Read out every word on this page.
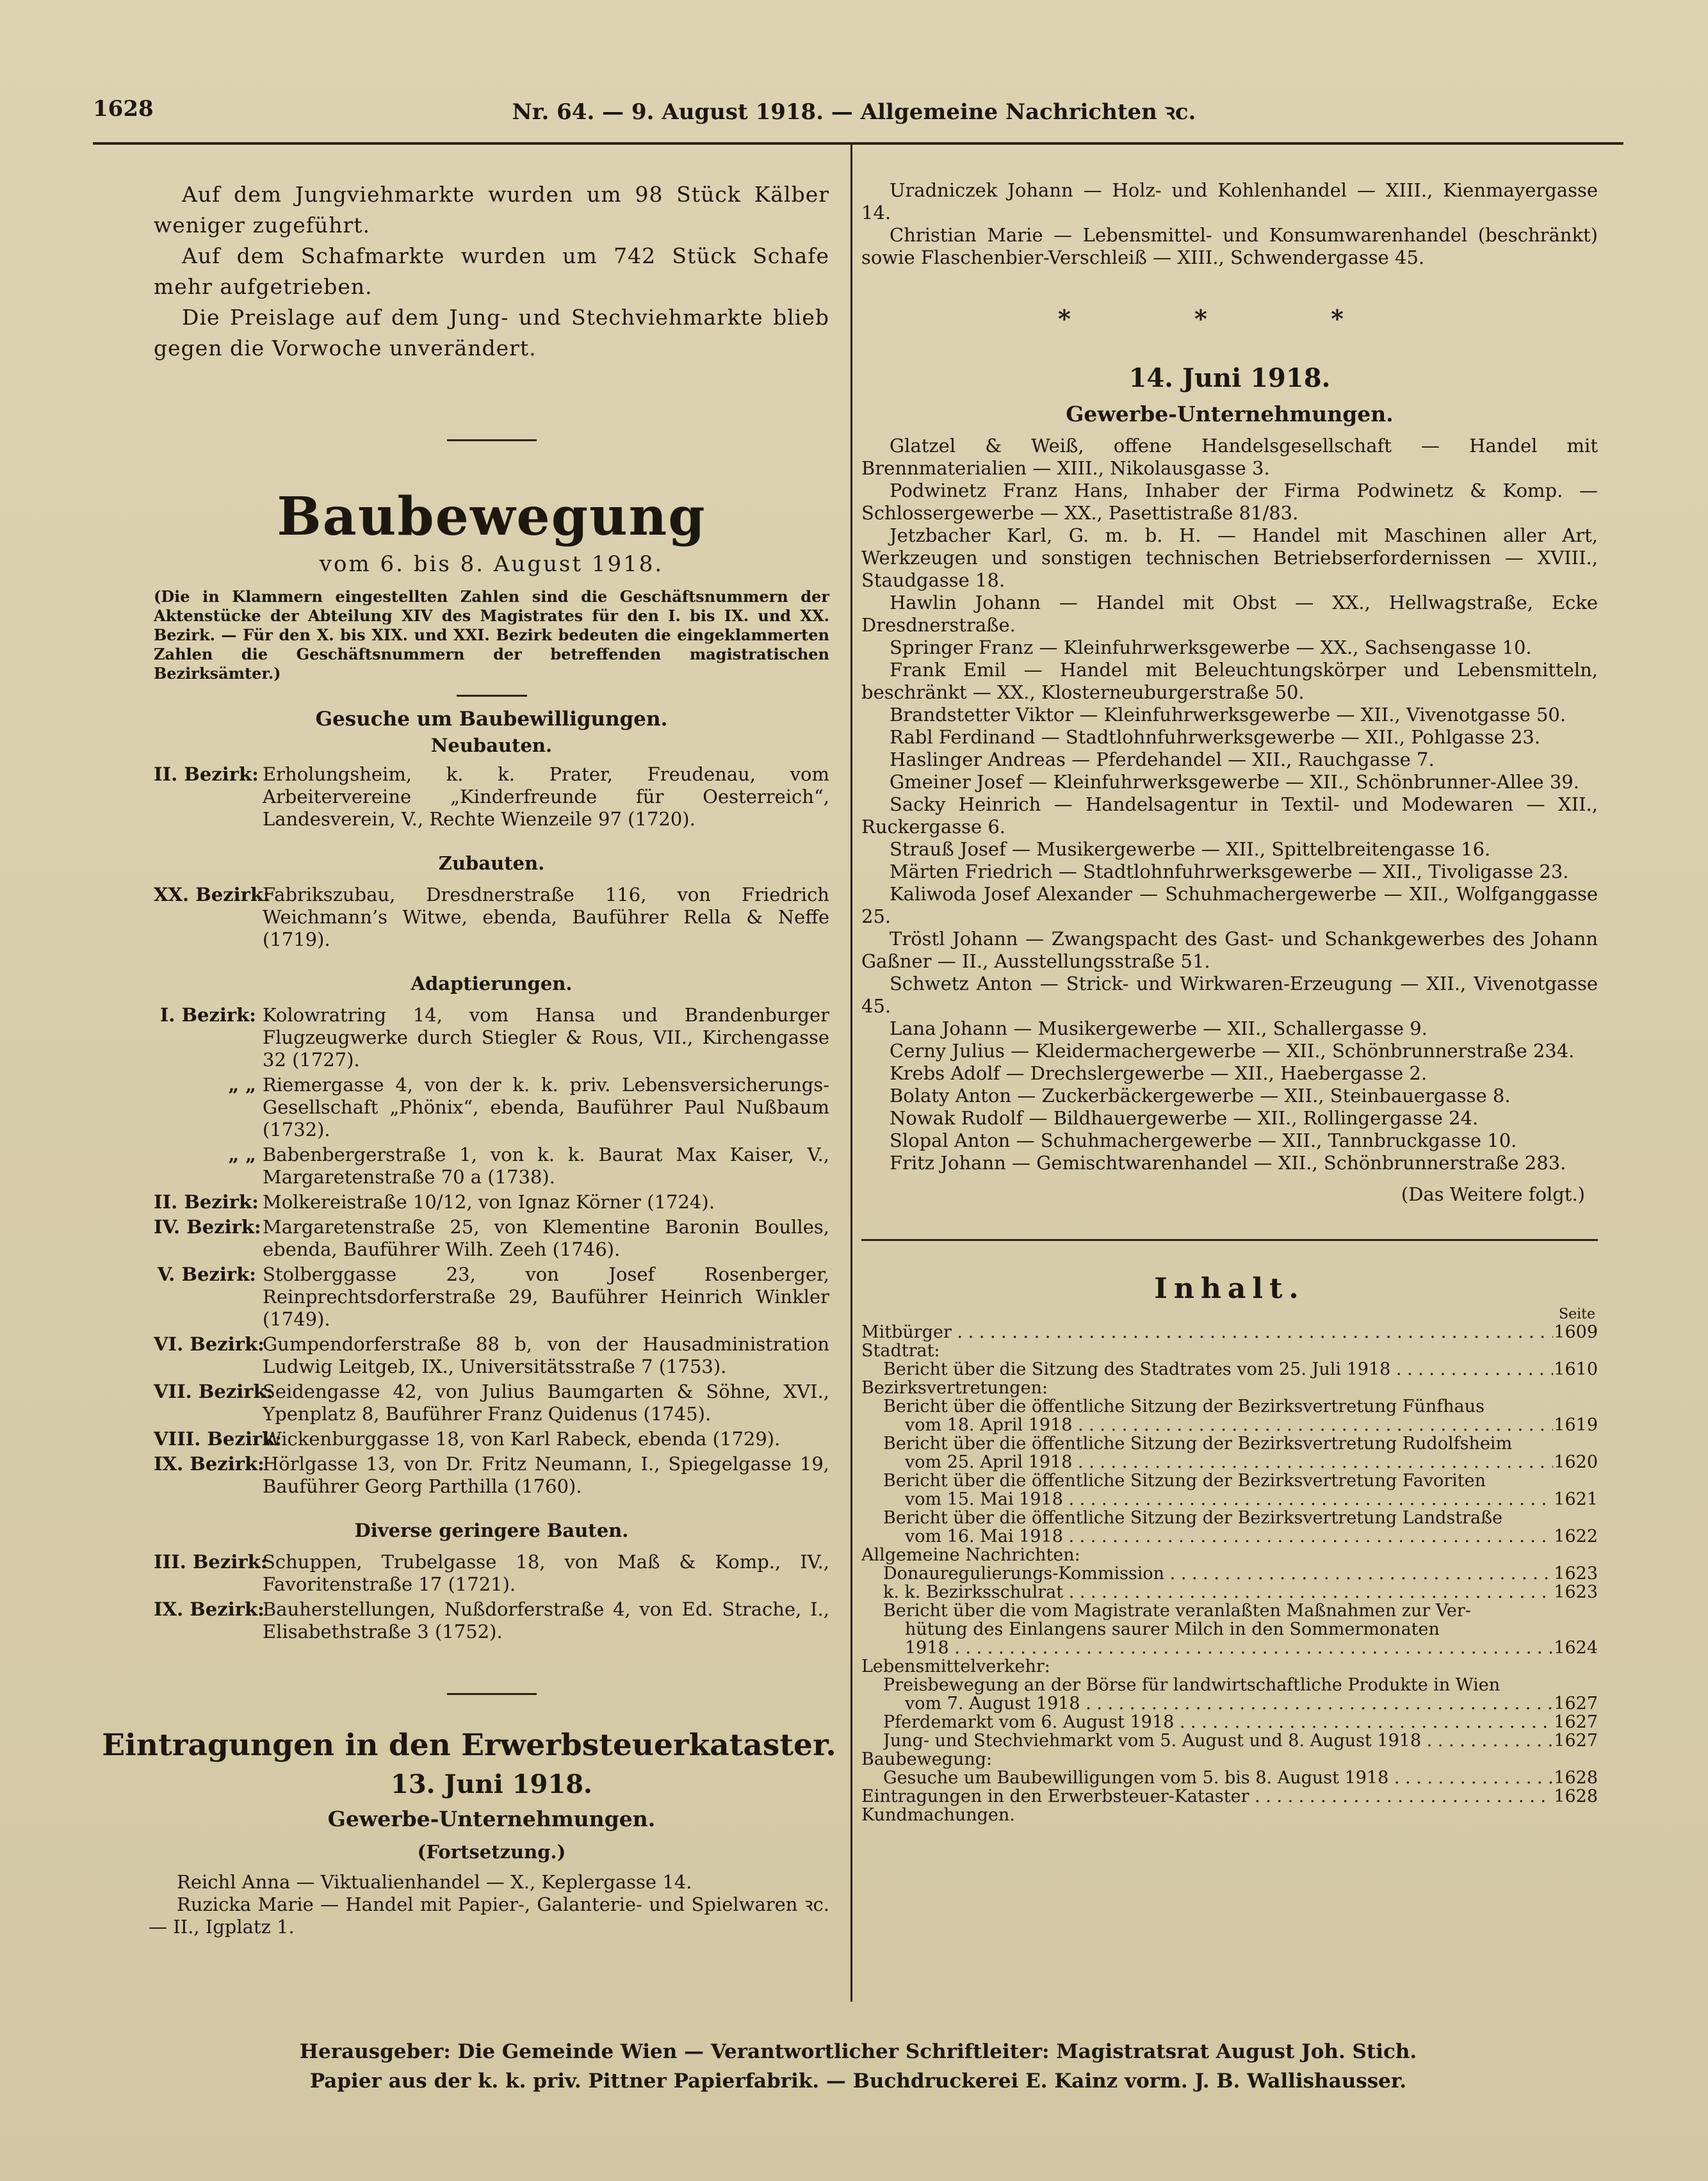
1628	Nr. 64. — 9. August 1918. — Allgemeine Nachrichten ꝛc.

Auf dem Jungviehmarkte wurden um 98 Stück Kälber weniger zugeführt.

Auf dem Schafmarkte wurden um 742 Stück Schafe mehr aufgetrieben.

Die Preislage auf dem Jung- und Stechviehmarkte blieb gegen die Vorwoche unverändert.

Baubewegung

vom 6. bis 8. August 1918.

(Die in Klammern eingestellten Zahlen sind die Geschäftsnummern der Aktenstücke der Abteilung XIV des Magistrates für den I. bis IX. und XX. Bezirk. — Für den X. bis XIX. und XXI. Bezirk bedeuten die eingeklammerten Zahlen die Geschäftsnummern der betreffenden magistratischen Bezirksämter.)

Gesuche um Baubewilligungen.

Neubauten.

II. Bezirk: Erholungsheim, k. k. Prater, Freudenau, vom Arbeitervereine „Kinderfreunde für Oesterreich“, Landesverein, V., Rechte Wienzeile 97 (1720).

Zubauten.

XX. Bezirk:
Fabrikszubau, Dresdnerstraße 116, von Friedrich Weichmann’s Witwe, ebenda, Bauführer Rella & Neffe (1719).

Adaptierungen.

I. Bezirk: Kolowratring 14, vom Hansa und Brandenburger Flugzeugwerke durch Stiegler & Rous, VII., Kirchengasse 32 (1727).
„ „ Riemergasse 4, von der k. k. priv. Lebensversicherungs-Gesellschaft „Phönix“, ebenda, Bauführer Paul Nußbaum (1732).
„ „ Babenbergerstraße 1, von k. k. Baurat Max Kaiser, V., Margaretenstraße 70 a (1738).
II. Bezirk: Molkereistraße 10/12, von Ignaz Körner (1724).
IV. Bezirk: Margaretenstraße 25, von Klementine Baronin Boulles, ebenda, Bauführer Wilh. Zeeh (1746).
V. Bezirk: Stolberggasse 23, von Josef Rosenberger, Reinprechtsdorferstraße 29, Bauführer Heinrich Winkler (1749).
VI. Bezirk:
Gumpendorferstraße 88 b, von der Hausadministration Ludwig Leitgeb, IX., Universitätsstraße 7 (1753).
VII. Bezirk:
Seidengasse 42, von Julius Baumgarten & Söhne, XVI., Ypenplatz 8, Bauführer Franz Quidenus (1745).
VIII. Bezirk:
Wickenburggasse 18, von Karl Rabeck, ebenda (1729).
IX. Bezirk:
Hörlgasse 13, von Dr. Fritz Neumann, I., Spiegelgasse 19, Bauführer Georg Parthilla (1760).

Diverse geringere Bauten.

III. Bezirk:
Schuppen, Trubelgasse 18, von Maß & Komp., IV., Favoritenstraße 17 (1721).
IX. Bezirk:
Bauherstellungen, Nußdorferstraße 4, von Ed. Strache, I., Elisabethstraße 3 (1752).

Eintragungen in den Erwerbsteuerkataster.

13. Juni 1918.

Gewerbe-Unternehmungen.

(Fortsetzung.)

Reichl Anna — Viktualienhandel — X., Keplergasse 14.

Ruzicka Marie — Handel mit Papier-, Galanterie- und Spielwaren ꝛc. — II., Igplatz 1.

Uradniczek Johann — Holz- und Kohlenhandel — XIII., Kienmayergasse 14.

Christian Marie — Lebensmittel- und Konsumwarenhandel (beschränkt) sowie Flaschenbier-Verschleiß — XIII., Schwendergasse 45.

* * *

14. Juni 1918.

Gewerbe-Unternehmungen.

Glatzel & Weiß, offene Handelsgesellschaft — Handel mit Brennmaterialien — XIII., Nikolausgasse 3.

Podwinetz Franz Hans, Inhaber der Firma Podwinetz & Komp. — Schlossergewerbe — XX., Pasettistraße 81/83.

Jetzbacher Karl, G. m. b. H. — Handel mit Maschinen aller Art, Werkzeugen und sonstigen technischen Betriebserfordernissen — XVIII., Staudgasse 18.

Hawlin Johann — Handel mit Obst — XX., Hellwagstraße, Ecke Dresdnerstraße.

Springer Franz — Kleinfuhrwerksgewerbe — XX., Sachsengasse 10.

Frank Emil — Handel mit Beleuchtungskörper und Lebensmitteln, beschränkt — XX., Klosterneuburgerstraße 50.

Brandstetter Viktor — Kleinfuhrwerksgewerbe — XII., Vivenotgasse 50.

Rabl Ferdinand — Stadtlohnfuhrwerksgewerbe — XII., Pohlgasse 23.

Haslinger Andreas — Pferdehandel — XII., Rauchgasse 7.

Gmeiner Josef — Kleinfuhrwerksgewerbe — XII., Schönbrunner-Allee 39.

Sacky Heinrich — Handelsagentur in Textil- und Modewaren — XII., Ruckergasse 6.

Strauß Josef — Musikergewerbe — XII., Spittelbreitengasse 16.

Märten Friedrich — Stadtlohnfuhrwerksgewerbe — XII., Tivoligasse 23.

Kaliwoda Josef Alexander — Schuhmachergewerbe — XII., Wolfganggasse 25.

Tröstl Johann — Zwangspacht des Gast- und Schankgewerbes des Johann Gaßner — II., Ausstellungsstraße 51.

Schwetz Anton — Strick- und Wirkwaren-Erzeugung — XII., Vivenotgasse 45.

Lana Johann — Musikergewerbe — XII., Schallergasse 9.

Cerny Julius — Kleidermachergewerbe — XII., Schönbrunnerstraße 234.

Krebs Adolf — Drechslergewerbe — XII., Haebergasse 2.

Bolaty Anton — Zuckerbäckergewerbe — XII., Steinbauergasse 8.

Nowak Rudolf — Bildhauergewerbe — XII., Rollingergasse 24.

Slopal Anton — Schuhmachergewerbe — XII., Tannbruckgasse 10.

Fritz Johann — Gemischtwarenhandel — XII., Schönbrunnerstraße 283.

(Das Weitere folgt.)

Inhalt.

Seite

Mitbürger . . .	1609
Stadtrat:
Bericht über die Sitzung des Stadtrates vom 25. Juli 1918 . . .	1610
Bezirksvertretungen:
Bericht über die öffentliche Sitzung der Bezirksvertretung Fünfhaus
vom 18. April 1918 . . .	1619
Bericht über die öffentliche Sitzung der Bezirksvertretung Rudolfsheim
vom 25. April 1918 . . .	1620
Bericht über die öffentliche Sitzung der Bezirksvertretung Favoriten
vom 15. Mai 1918 . . .	1621
Bericht über die öffentliche Sitzung der Bezirksvertretung Landstraße
vom 16. Mai 1918 . . .	1622
Allgemeine Nachrichten:
Donauregulierungs-Kommission . . .	1623
k. k. Bezirksschulrat . . .	1623
Bericht über die vom Magistrate veranlaßten Maßnahmen zur Ver-
hütung des Einlangens saurer Milch in den Sommermonaten
1918 . . .	1624
Lebensmittelverkehr:
Preisbewegung an der Börse für landwirtschaftliche Produkte in Wien
vom 7. August 1918 . . .	1627
Pferdemarkt vom 6. August 1918 . . .	1627
Jung- und Stechviehmarkt vom 5. August und 8. August 1918 . . .	1627
Baubewegung:
Gesuche um Baubewilligungen vom 5. bis 8. August 1918 . . .	1628
Eintragungen in den Erwerbsteuer-Kataster . . .	1628
Kundmachungen.
Herausgeber: Die Gemeinde Wien — Verantwortlicher Schriftleiter: Magistratsrat August Joh. Stich.
Papier aus der k. k. priv. Pittner Papierfabrik. — Buchdruckerei E. Kainz vorm. J. B. Wallishausser.
